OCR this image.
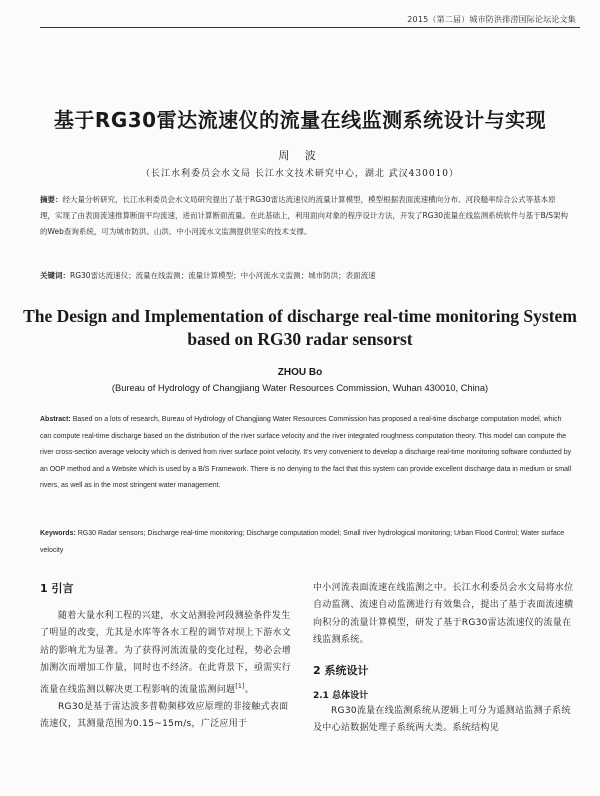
2015（第二届）城市防洪排涝国际论坛论文集
基于RG30雷达流速仪的流量在线监测系统设计与实现
周 波
（长江水利委员会水文局 长江水文技术研究中心，湖北 武汉430010）

摘要：经大量分析研究，长江水利委员会水文局研究提出了基于RG30雷达流速仪的流量计算模型，模型根据表面流速横向分布、河段糙率综合公式等基本原理，实现了由表面流速推算断面平均流速，进而计算断面流量。在此基础上，利用面向对象的程序设计方法，开发了RG30流量在线监测系统软件与基于B/S架构的Web查询系统，可为城市防洪、山洪、中小河流水文监测提供坚实的技术支撑。

关键词：RG30雷达流速仪；流量在线监测；流量计算模型；中小河流水文监测；城市防洪；表面流速

The Design and Implementation of discharge real-time monitoring System based on RG30 radar sensorst
ZHOU Bo
(Bureau of Hydrology of Changjiang Water Resources Commission, Wuhan 430010, China)

Abstract: Based on a lots of research, Bureau of Hydrology of Changjiang Water Resources Commission has proposed a real-time discharge computation model, which can compute real-time discharge based on the distribution of the river surface velocity and the river integrated roughness computation theory. This model can compute the river cross-section average velocity which is derived from river surface point velocity. It's very convenient to develop a discharge real-time monitoring software conducted by an OOP method and a Website which is used by a B/S Framework. There is no denying to the fact that this system can provide excellent discharge data in medium or small rivers, as well as in the most stringent water management.

Keywords: RG30 Radar sensors; Discharge real-time monitoring; Discharge computation model; Small river hydrological monitoring; Urban Flood Control; Water surface velocity

1 引言

随着大量水利工程的兴建，水文站测验河段测验条件发生了明显的改变，尤其是水库等各水工程的调节对坝上下游水文站的影响尤为显著。为了获得河流流量的变化过程，势必会增加测次而增加工作量，同时也不经济。在此背景下，亟需实行流量在线监测以解决更工程影响的流量监测问题[1]。

RG30是基于雷达波多普勒频移效应原理的非接触式表面流速仪，其测量范围为0.15~15m/s，广泛应用于

中小河流表面流速在线监测之中。长江水利委员会水文局将水位自动监测、流速自动监测进行有效集合，提出了基于表面流速横向积分的流量计算模型，研发了基于RG30雷达流速仪的流量在线监测系统。

2 系统设计
2.1 总体设计

RG30流量在线监测系统从逻辑上可分为遥测站监测子系统及中心站数据处理子系统两大类。系统结构见
